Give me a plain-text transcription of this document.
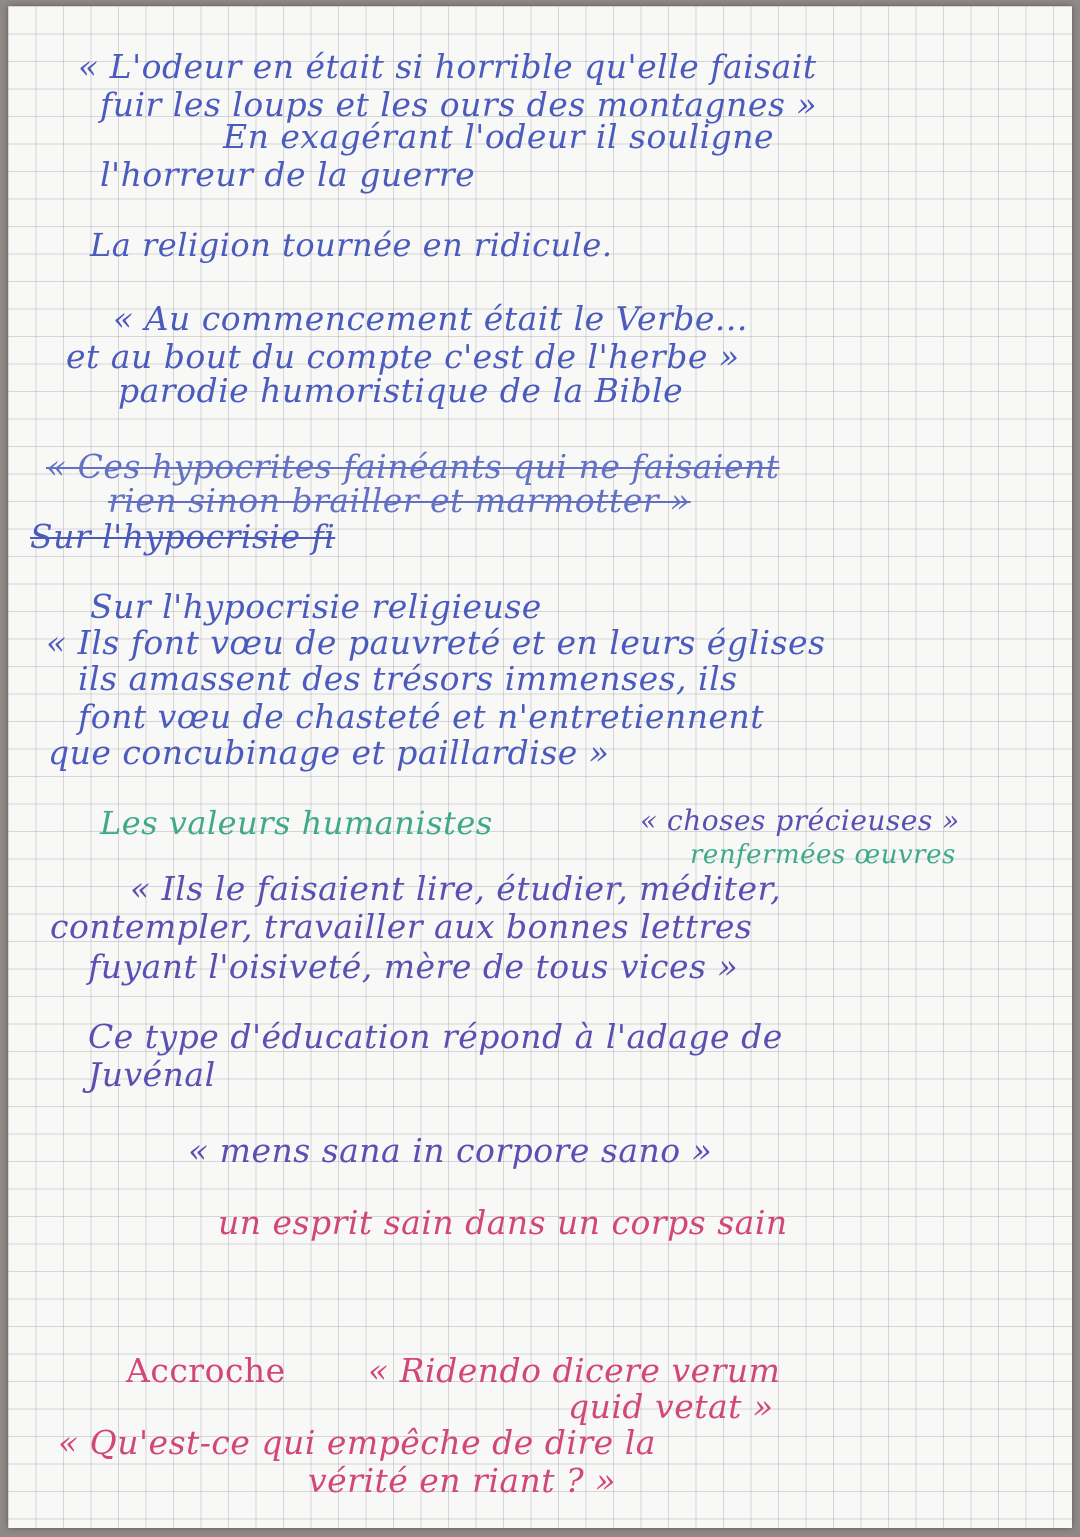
« L'odeur en était si horrible qu'elle faisait
fuir les loups et les ours des montagnes »
En exagérant l'odeur il souligne
l'horreur de la guerre
La religion tournée en ridicule.
« Au commencement était le Verbe...
et au bout du compte c'est de l'herbe »
parodie humoristique de la Bible
« Ces hypocrites fainéants qui ne faisaient
rien sinon brailler et marmotter »
Sur l'hypocrisie fi
Sur l'hypocrisie religieuse
« Ils font vœu de pauvreté et en leurs églises
ils amassent des trésors immenses, ils
font vœu de chasteté et n'entretiennent
que concubinage et paillardise »
Les valeurs humanistes	« choses précieuses »
renfermées œuvres
« Ils le faisaient lire, étudier, méditer,
contempler, travailler aux bonnes lettres
fuyant l'oisiveté, mère de tous vices »
Ce type d'éducation répond à l'adage de
Juvénal
« mens sana in corpore sano »
un esprit sain dans un corps sain
Accroche « Ridendo dicere verum
quid vetat »
« Qu'est-ce qui empêche de dire la
vérité en riant ? »
